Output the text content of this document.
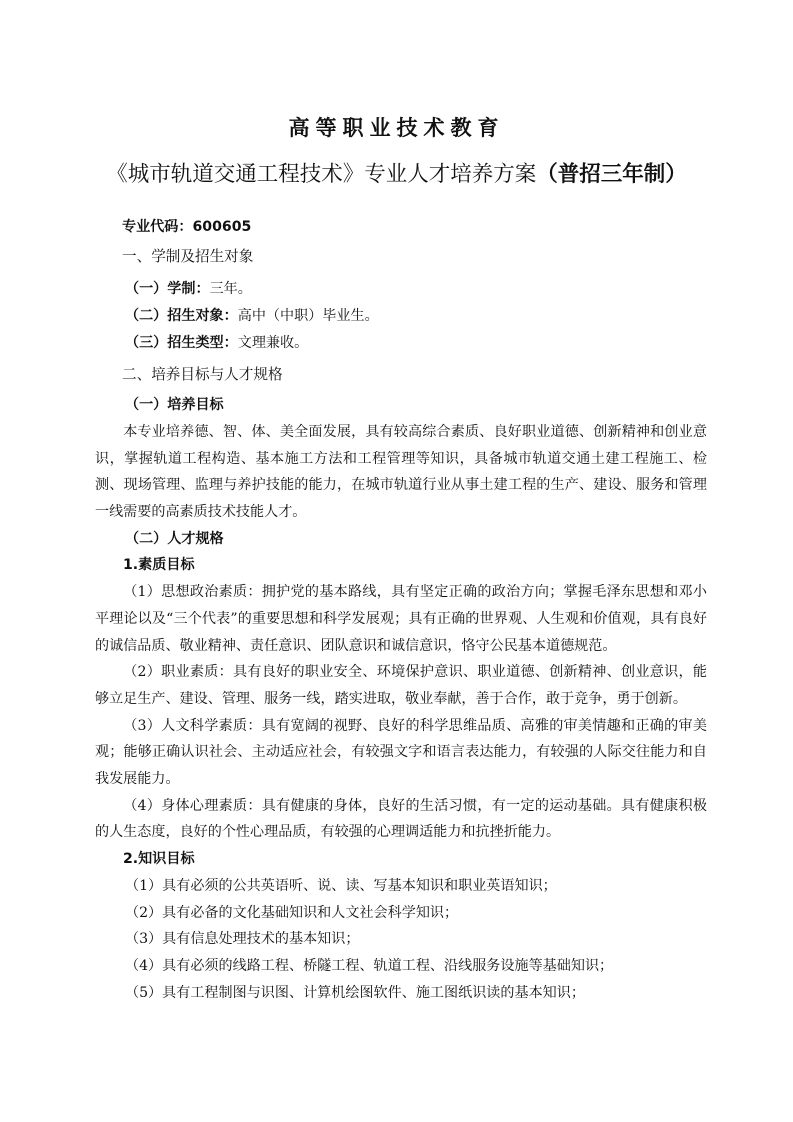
高等职业技术教育
《城市轨道交通工程技术》专业人才培养方案（普招三年制）
专业代码：600605
一、学制及招生对象
（一）学制：三年。
（二）招生对象：高中（中职）毕业生。
（三）招生类型：文理兼收。
二、培养目标与人才规格
（一）培养目标

本专业培养德、智、体、美全面发展，具有较高综合素质、良好职业道德、创新精神和创业意识，掌握轨道工程构造、基本施工方法和工程管理等知识，具备城市轨道交通土建工程施工、检测、现场管理、监理与养护技能的能力，在城市轨道行业从事土建工程的生产、建设、服务和管理一线需要的高素质技术技能人才。

（二）人才规格
1.素质目标

（1）思想政治素质：拥护党的基本路线，具有坚定正确的政治方向；掌握毛泽东思想和邓小平理论以及“三个代表”的重要思想和科学发展观；具有正确的世界观、人生观和价值观，具有良好的诚信品质、敬业精神、责任意识、团队意识和诚信意识，恪守公民基本道德规范。

（2）职业素质：具有良好的职业安全、环境保护意识、职业道德、创新精神、创业意识，能够立足生产、建设、管理、服务一线，踏实进取，敬业奉献，善于合作，敢于竞争，勇于创新。

（3）人文科学素质：具有宽阔的视野、良好的科学思维品质、高雅的审美情趣和正确的审美观；能够正确认识社会、主动适应社会，有较强文字和语言表达能力，有较强的人际交往能力和自我发展能力。

（4）身体心理素质：具有健康的身体，良好的生活习惯，有一定的运动基础。具有健康积极的人生态度，良好的个性心理品质，有较强的心理调适能力和抗挫折能力。

2.知识目标
（1）具有必须的公共英语听、说、读、写基本知识和职业英语知识；
（2）具有必备的文化基础知识和人文社会科学知识；
（3）具有信息处理技术的基本知识；
（4）具有必须的线路工程、桥隧工程、轨道工程、沿线服务设施等基础知识；
（5）具有工程制图与识图、计算机绘图软件、施工图纸识读的基本知识；
